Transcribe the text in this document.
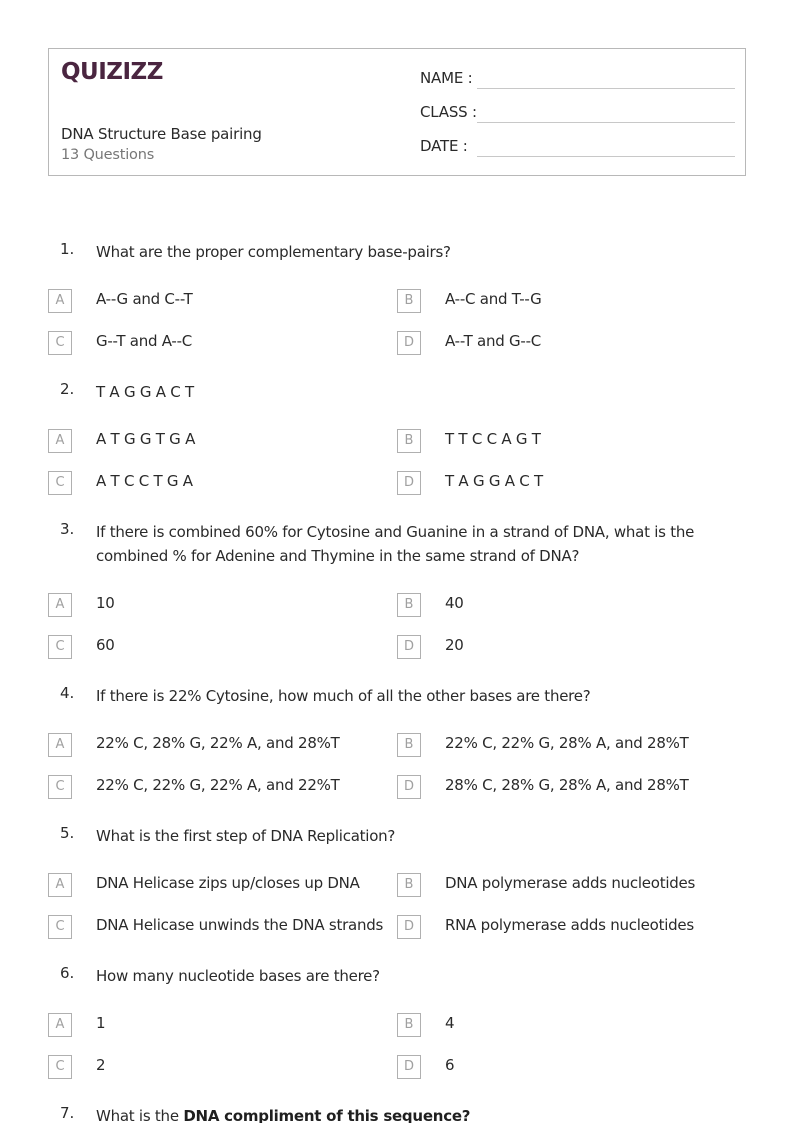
QUIZIZZ
DNA Structure Base pairing
13 Questions
NAME :
CLASS :
DATE :
1. What are the proper complementary base-pairs?
A	A--G and C--T	B	A--C and T--G
C	G--T and A--C	D	A--T and G--C
2. T A G G A C T
A	A T G G T G A	B	T T C C A G T
C	A T C C T G A	D	T A G G A C T
3. If there is combined 60% for Cytosine and Guanine in a strand of DNA, what is the combined % for Adenine and Thymine in the same strand of DNA?
A	10	B	40
C	60	D	20
4. If there is 22% Cytosine, how much of all the other bases are there?
A	22% C, 28% G, 22% A, and 28%T	B	22% C, 22% G, 28% A, and 28%T
C	22% C, 22% G, 22% A, and 22%T	D	28% C, 28% G, 28% A, and 28%T
5. What is the first step of DNA Replication?
A	DNA Helicase zips up/closes up DNA	B	DNA polymerase adds nucleotides
C	DNA Helicase unwinds the DNA strands	D	RNA polymerase adds nucleotides
6. How many nucleotide bases are there?
A	1	B	4
C	2	D	6
7. What is the DNA compliment of this sequence?
